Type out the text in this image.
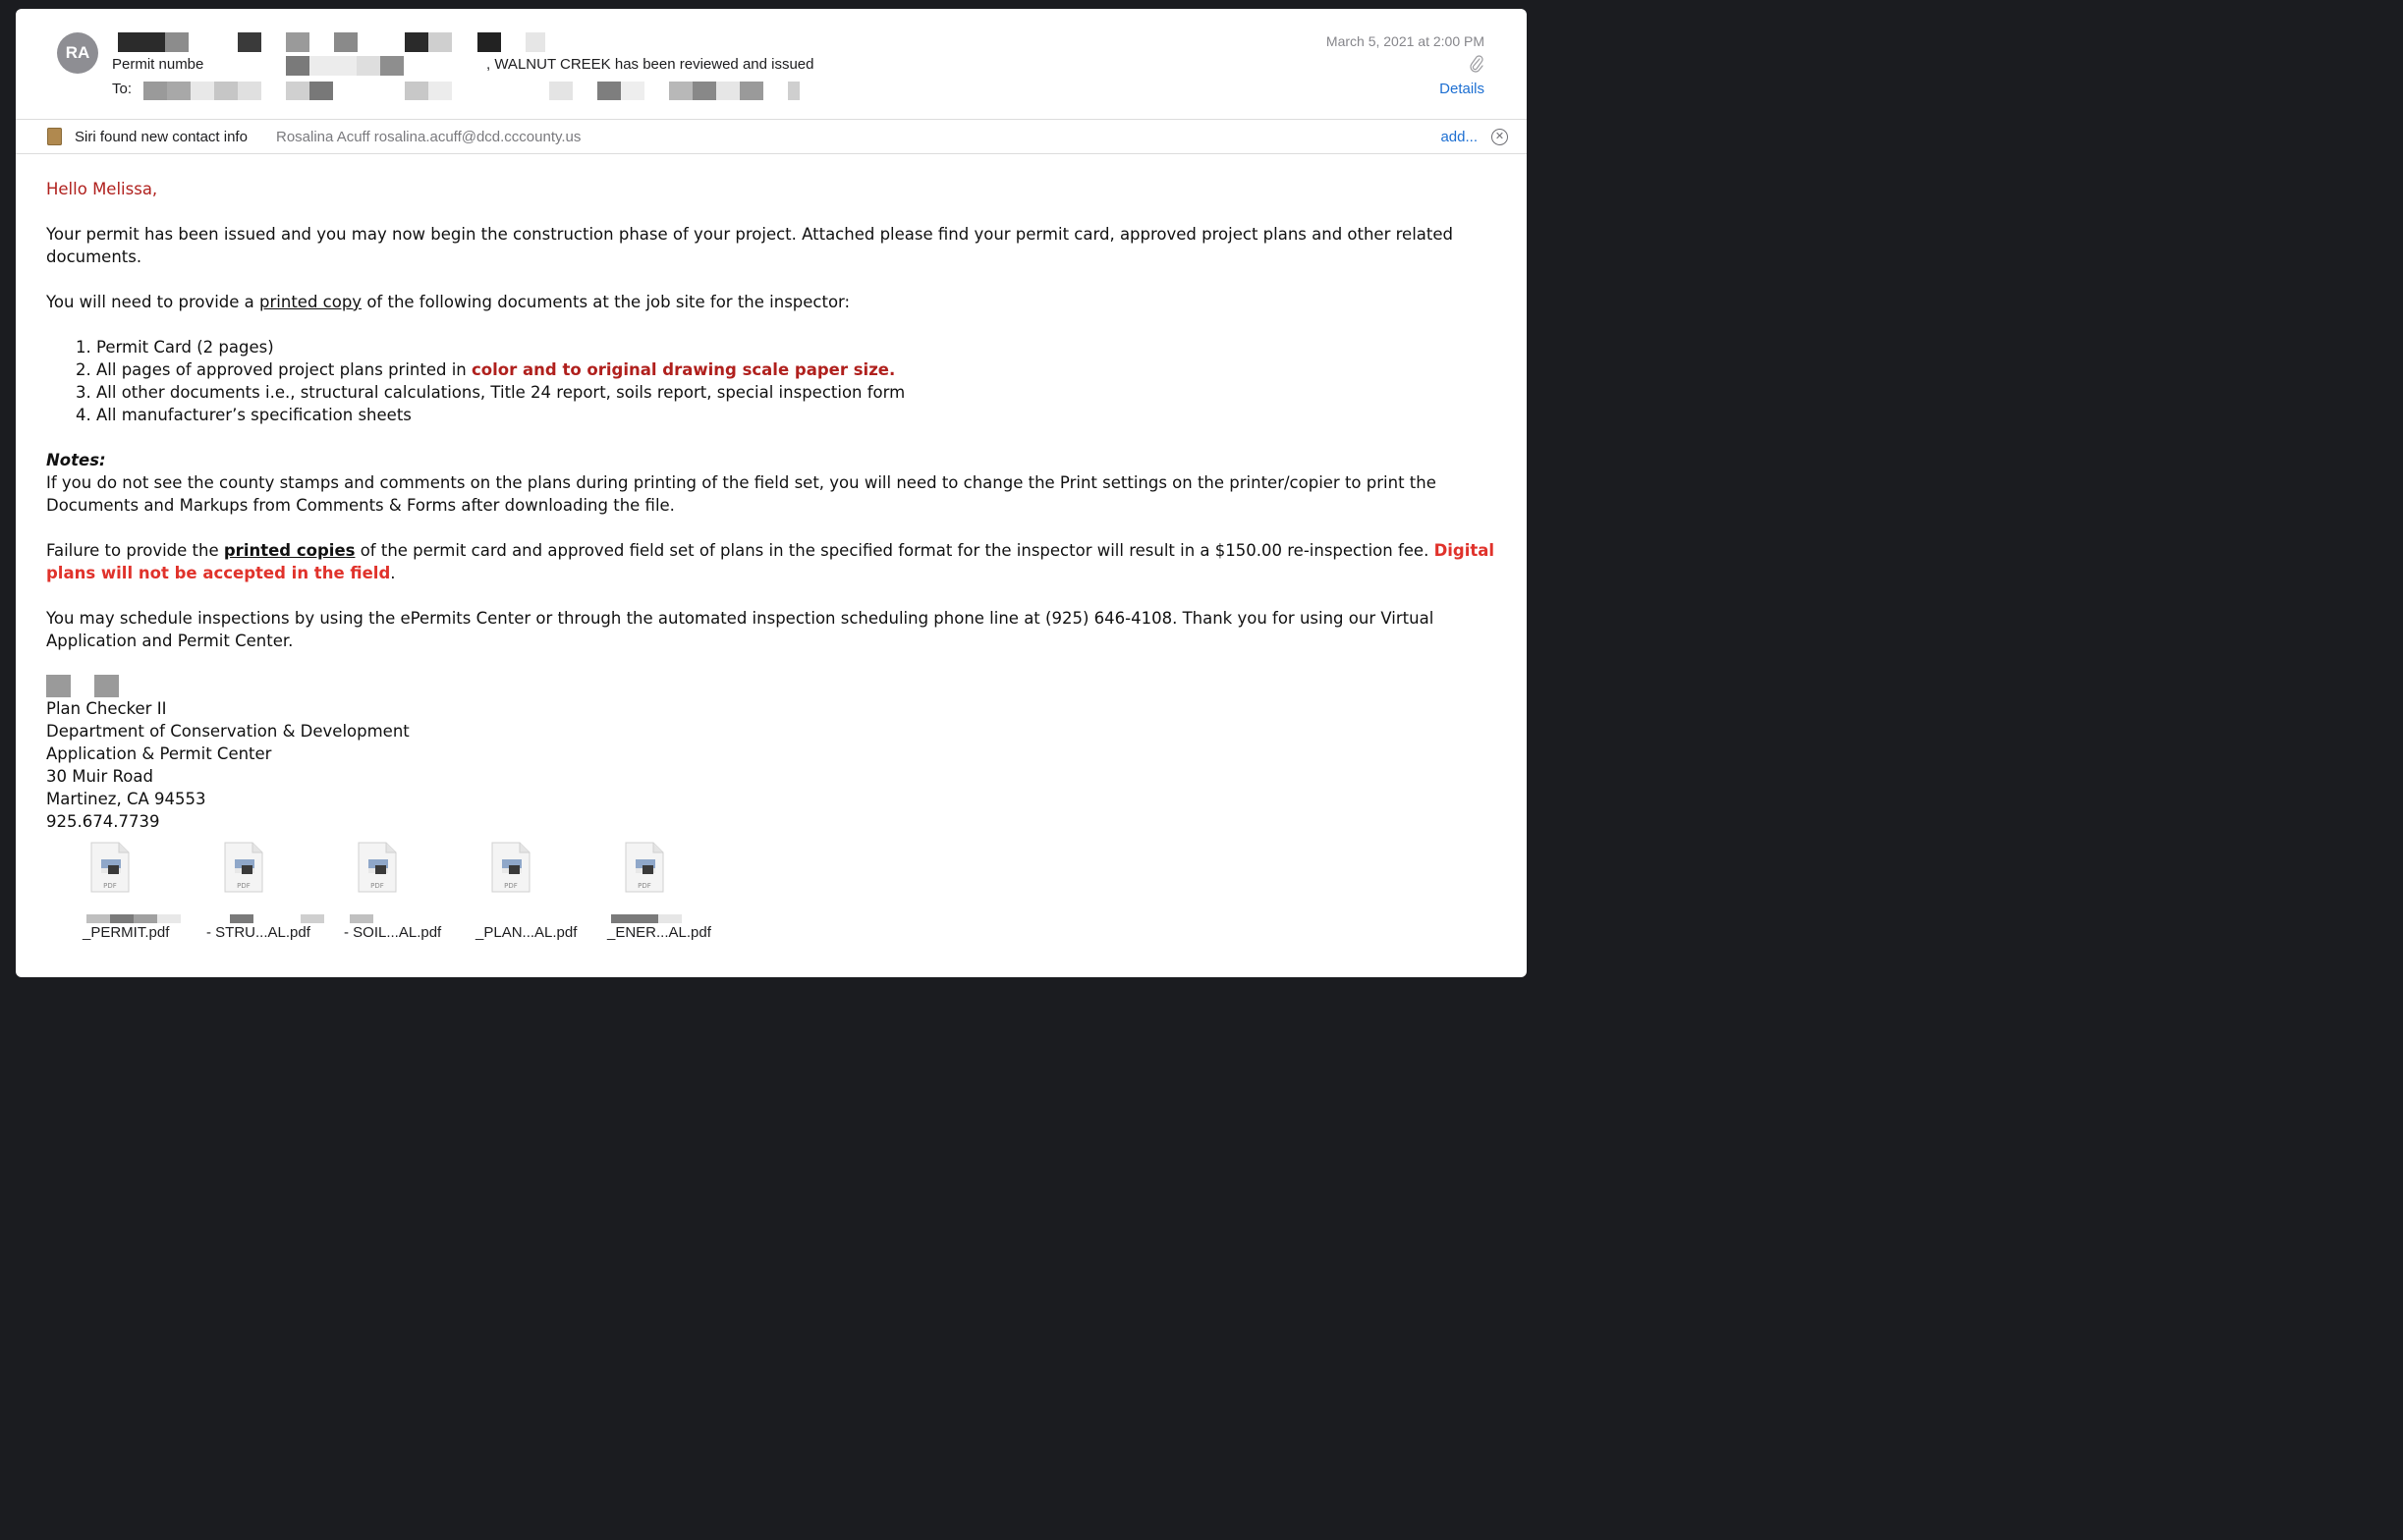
RA
Permit numbe	, WALNUT CREEK has been reviewed and issued
To:
March 5, 2021 at 2:00 PM
Details
Siri found new contact info Rosalina Acuff rosalina.acuff@dcd.cccounty.us	add...	✕

Hello Melissa,

Your permit has been issued and you may now begin the construction phase of your project. Attached please find your permit card, approved project plans and other related documents.

You will need to provide a printed copy of the following documents at the job site for the inspector:

1. Permit Card (2 pages)
2. All pages of approved project plans printed in color and to original drawing scale paper size.
3. All other documents i.e., structural calculations, Title 24 report, soils report, special inspection form
4. All manufacturer’s specification sheets

Notes:

If you do not see the county stamps and comments on the plans during printing of the field set, you will need to change the Print settings on the printer/copier to print the Documents and Markups from Comments & Forms after downloading the file.

Failure to provide the printed copies of the permit card and approved field set of plans in the specified format for the inspector will result in a $150.00 re-inspection fee. Digital plans will not be accepted in the field.

You may schedule inspections by using the ePermits Center or through the automated inspection scheduling phone line at (925) 646-4108. Thank you for using our Virtual Application and Permit Center.

Plan Checker II

Department of Conservation & Development

Application & Permit Center

30 Muir Road

Martinez, CA 94553

925.674.7739

PDF
_PERMIT.pdf
PDF
- STRU...AL.pdf
PDF
- SOIL...AL.pdf
PDF
_PLAN...AL.pdf
PDF
_ENER...AL.pdf
